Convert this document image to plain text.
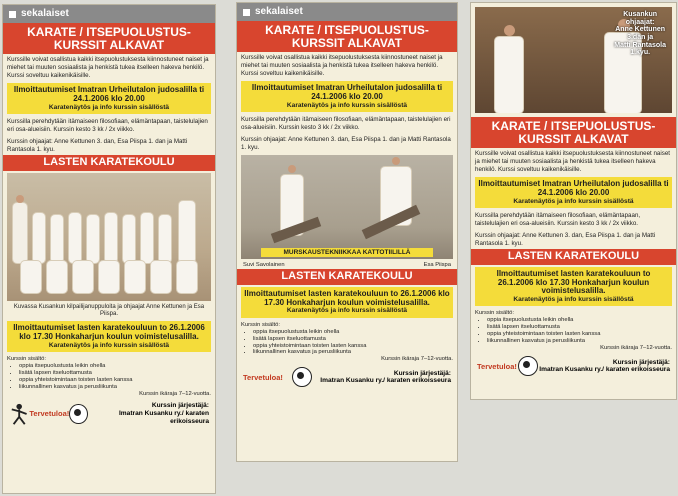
sekalaiset
KARATE / ITSEPUOLUSTUS-KURSSIT ALKAVAT
Kurssille voivat osallistua kaikki itsepuolustuksesta kiinnostuneet naiset ja miehet tai muuten sosiaalista ja henkistä tukea itselleen hakeva henkilö. Kurssi soveltuu kaikenikäisille.
Ilmoittautumiset Imatran Urheilutalon judosalilla ti 24.1.2006 klo 20.00
Karatenäytös ja info kurssin sisällöstä
Kurssilla perehdytään itämaiseen filosofiaan, elämäntapaan, taistelulajien eri osa-alueisiin. Kurssin kesto 3 kk / 2x viikko.
Kurssin ohjaajat: Anne Kettunen 3. dan, Esa Piispa 1. dan ja Matti Rantasola 1. kyu.
LASTEN KARATEKOULU
Kuvassa Kusankun kilpailijanuppuloita ja ohjaajat Anne Kettunen ja Esa Piispa.
Ilmoittautumiset lasten karatekouluun to 26.1.2006 klo 17.30 Honkaharjun koulun voimistelusalilla.
Karatenäytös ja info kurssin sisällöstä
Kurssin sisältö:
• oppia itsepuolustusta leikin ohella
• lisätä lapsen itseluottamusta
• oppia yhteistoimintaan toisten lasten kanssa
• liikunnallinen kasvatus ja perusliikunta
Kurssin ikäraja 7–12-vuotta.
Tervetuloa!
Kurssin järjestäjä:
Imatran Kusanku ry./ karaten erikoisseura
sekalaiset
KARATE / ITSEPUOLUSTUS-KURSSIT ALKAVAT
Kurssille voivat osallistua kaikki itsepuolustuksesta kiinnostuneet naiset ja miehet tai muuten sosiaalista ja henkistä tukea itselleen hakeva henkilö. Kurssi soveltuu kaikenikäisille.
Ilmoittautumiset Imatran Urheilutalon judosalilla ti 24.1.2006 klo 20.00
Karatenäytös ja info kurssin sisällöstä
Kurssilla perehdytään itämaiseen filosofiaan, elämäntapaan, taistelulajien eri osa-alueisiin. Kurssin kesto 3 kk / 2x viikko.
Kurssin ohjaajat: Anne Kettunen 3. dan, Esa Piispa 1. dan ja Matti Rantasola 1. kyu.
MURSKAUSTEKNIIKKAA KATTOTIILILLÄ
Suvi Savolainen	Esa Piispa
LASTEN KARATEKOULU
Ilmoittautumiset lasten karatekouluun to 26.1.2006 klo 17.30 Honkaharjun koulun voimistelusalilla.
Karatenäytös ja info kurssin sisällöstä
Kurssin sisältö:
• oppia itsepuolustusta leikin ohella
• lisätä lapsen itseluottamusta
• oppia yhteistoimintaan toisten lasten kanssa
• liikunnallinen kasvatus ja perusliikunta
Kurssin ikäraja 7–12-vuotta.
Tervetuloa!	Kurssin järjestäjä:
Imatran Kusanku ry./ karaten erikoisseura
Kusankun
ohjaajat:
Anne Kettunen
3.dan ja
Matti Rantasola
1.kyu.
KARATE / ITSEPUOLUSTUS-KURSSIT ALKAVAT
Kurssille voivat osallistua kaikki itsepuolustuksesta kiinnostuneet naiset ja miehet tai muuten sosiaalista ja henkistä tukea itselleen hakeva henkilö. Kurssi soveltuu kaikenikäisille.
Ilmoittautumiset Imatran Urheilutalon judosalilla ti 24.1.2006 klo 20.00
Karatenäytös ja info kurssin sisällöstä
Kurssilla perehdytään itämaiseen filosofiaan, elämäntapaan, taistelulajien eri osa-alueisiin. Kurssin kesto 3 kk / 2x viikko.
Kurssin ohjaajat: Anne Kettunen 3. dan, Esa Piispa 1. dan ja Matti Rantasola 1. kyu.
LASTEN KARATEKOULU
Ilmoittautumiset lasten karatekouluun to 26.1.2006 klo 17.30 Honkaharjun koulun voimistelusalilla.
Karatenäytös ja info kurssin sisällöstä
Kurssin sisältö:
• oppia itsepuolustusta leikin ohella
• lisätä lapsen itseluottamusta
• oppia yhteistoimintaan toisten lasten kanssa
• liikunnallinen kasvatus ja perusliikunta
Kurssin ikäraja 7–12-vuotta.
Tervetuloa!	Kurssin järjestäjä:
Imatran Kusanku ry./ karaten erikoisseura
